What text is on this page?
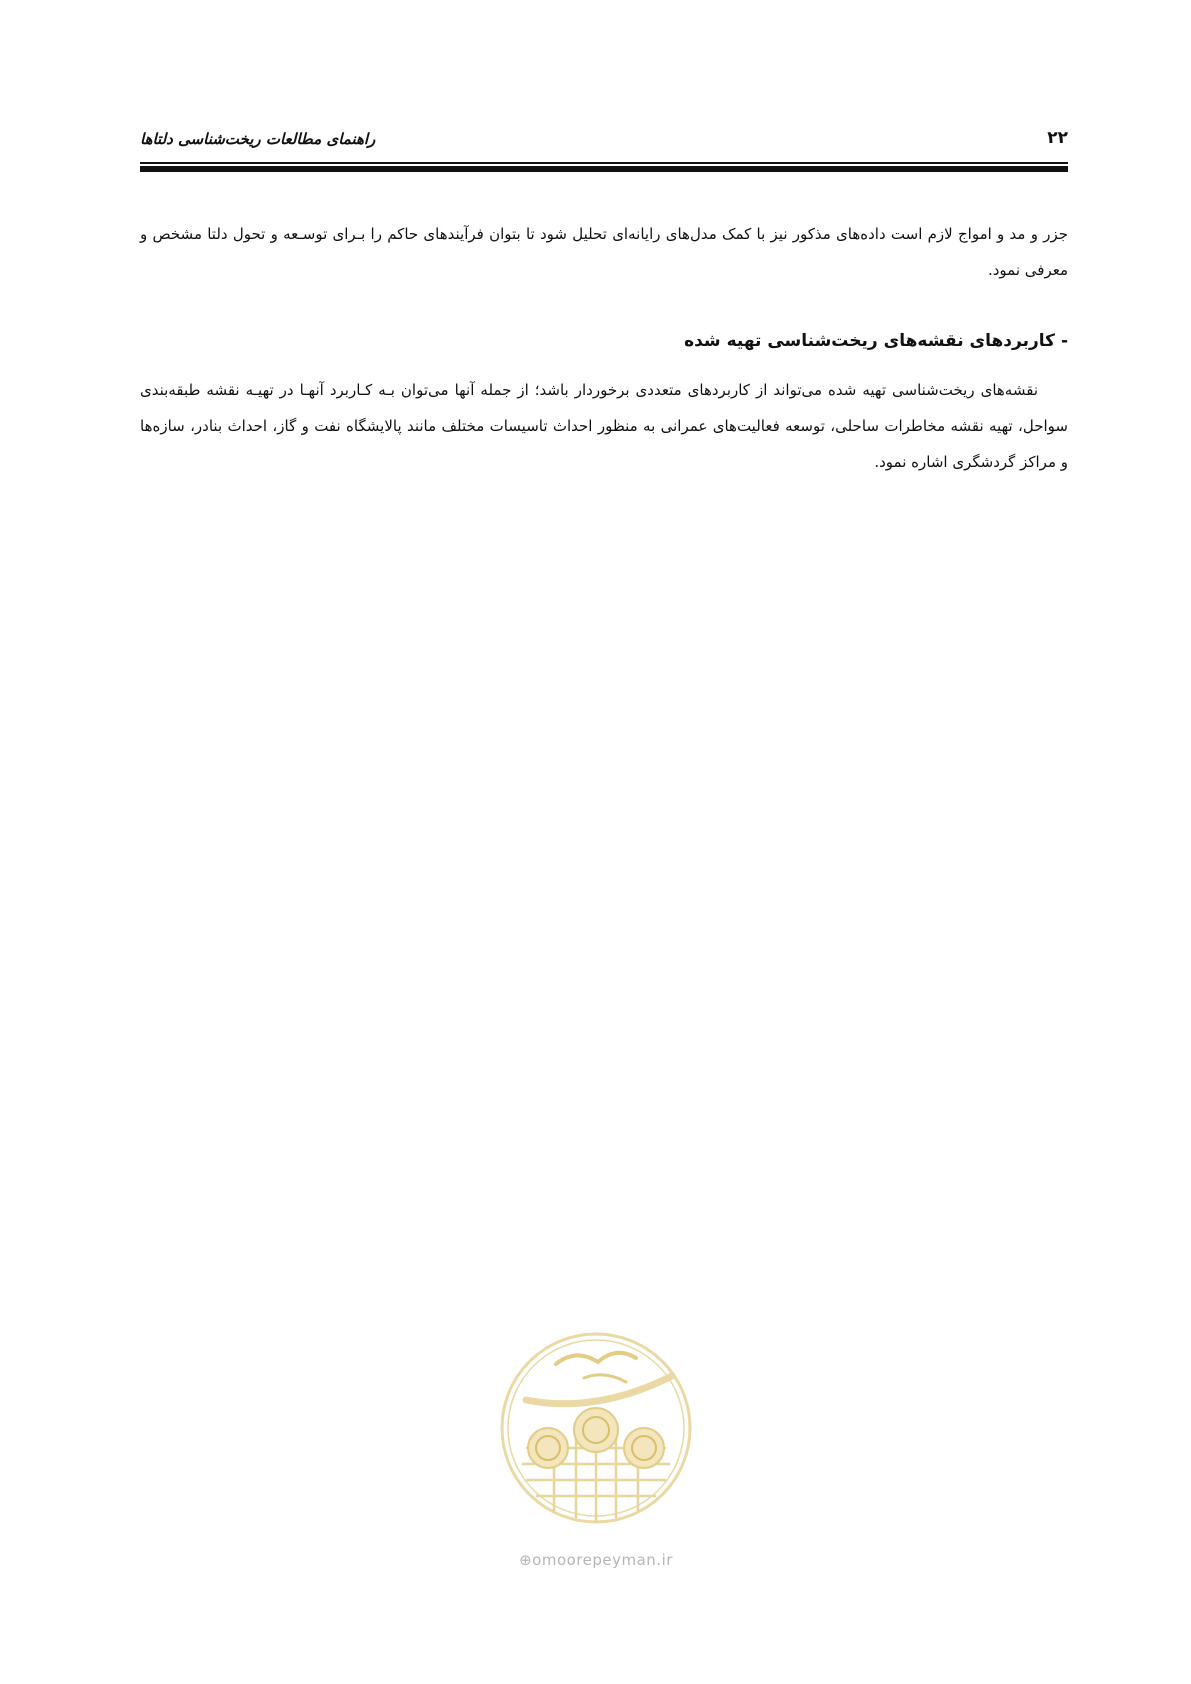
۲۲
راهنمای مطالعات ریخت‌شناسی دلتاها

جزر و مد و امواج لازم است داده‌های مذکور نیز با کمک مدل‌های رایانه‌ای تحلیل شود تا بتوان فرآیندهای حاکم را بـرای توسـعه و تحول دلتا مشخص و معرفی نمود.

- کاربردهای نقشه‌های ریخت‌شناسی تهیه شده

نقشه‌های ریخت‌شناسی تهیه شده می‌تواند از کاربردهای متعددی برخوردار باشد؛ از جمله آنها می‌توان بـه کـاربرد آنهـا در تهیـه نقشه طبقه‌بندی سواحل، تهیه نقشه مخاطرات ساحلی، توسعه فعالیت‌های عمرانی به منظور احداث تاسیسات مختلف مانند پالایشگاه نفت و گاز، احداث بنادر، سازه‌ها و مراکز گردشگری اشاره نمود.

⊕omoorepeyman.ir
